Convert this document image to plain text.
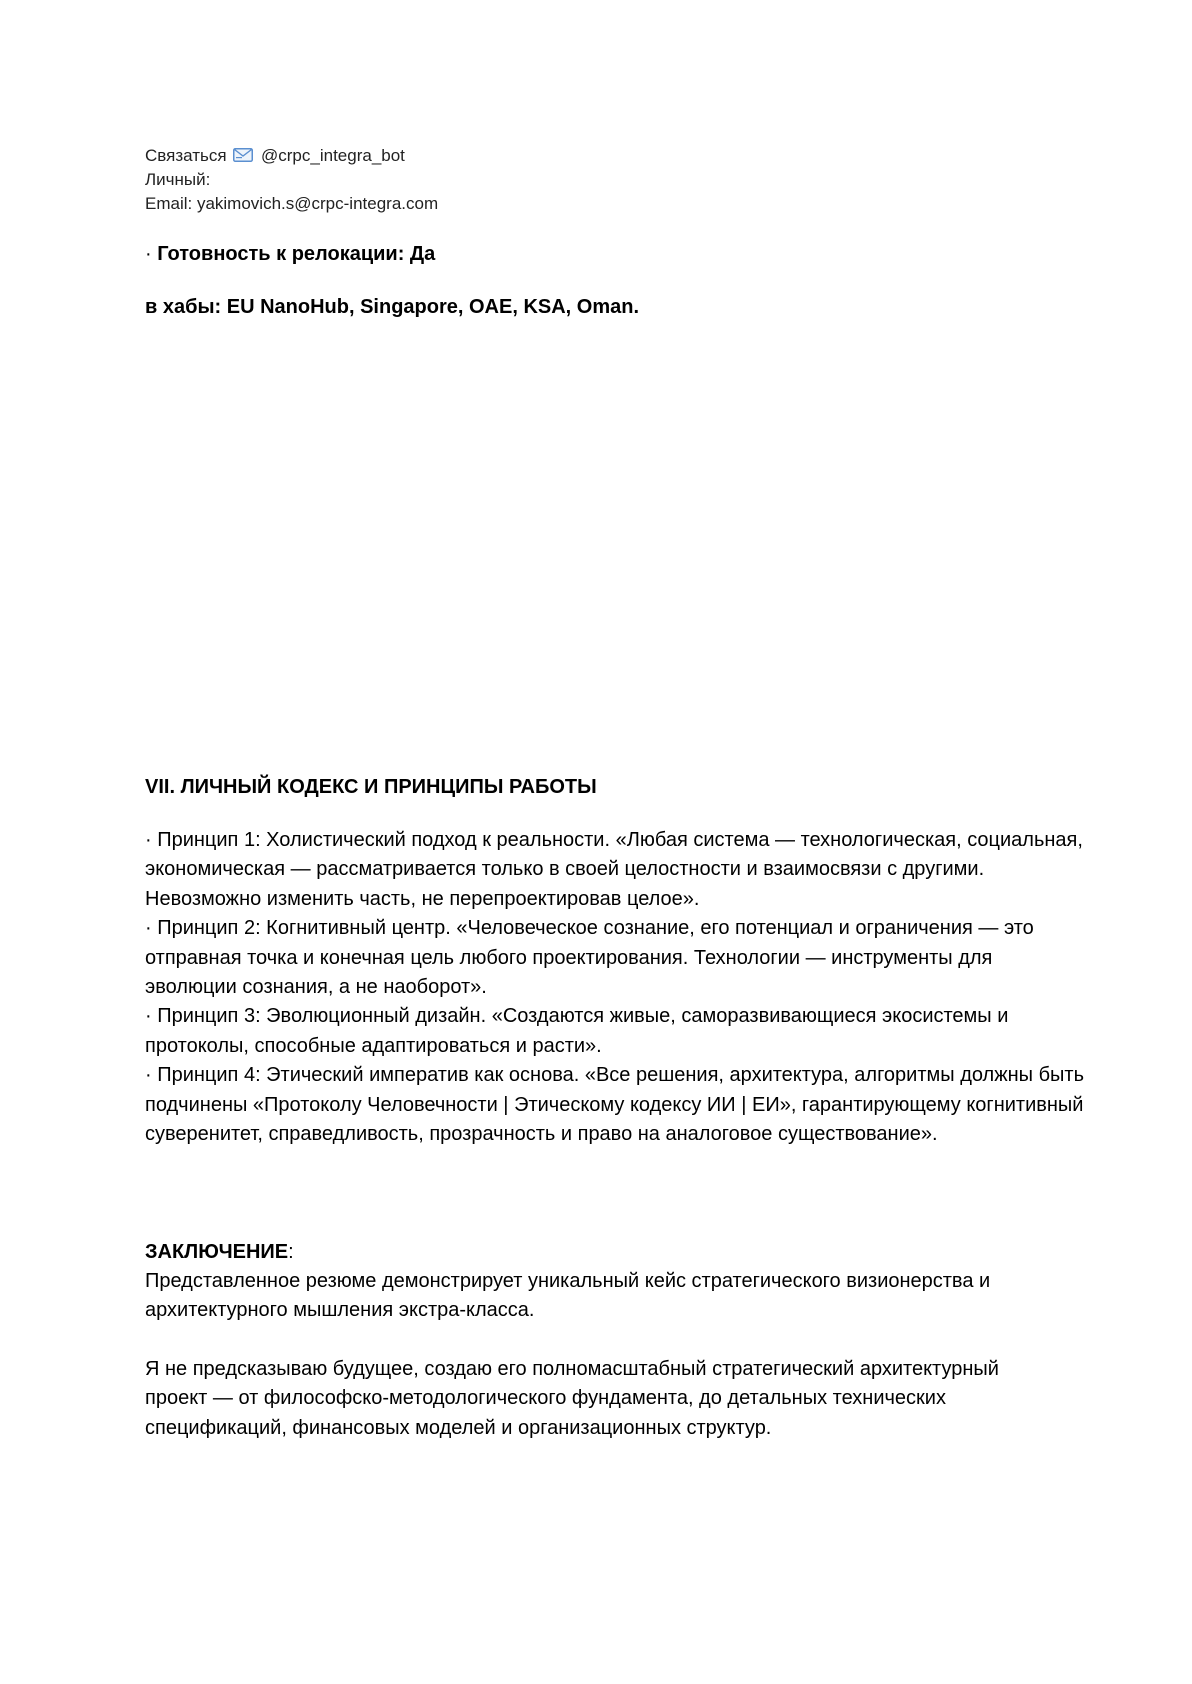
Связаться @crpc_integra_bot
Личный:
Email: yakimovich.s@crpc-integra.com
· Готовность к релокации: Да
в хабы: EU NanoHub, Singapore, OAE, KSA, Oman.
VII. ЛИЧНЫЙ КОДЕКС И ПРИНЦИПЫ РАБОТЫ

· Принцип 1: Холистический подход к реальности. «Любая система — технологическая, социальная, экономическая — рассматривается только в своей целостности и взаимосвязи с другими. Невозможно изменить часть, не перепроектировав целое».

· Принцип 2: Когнитивный центр. «Человеческое сознание, его потенциал и ограничения — это отправная точка и конечная цель любого проектирования. Технологии — инструменты для эволюции сознания, а не наоборот».

· Принцип 3: Эволюционный дизайн. «Создаются живые, саморазвивающиеся экосистемы и протоколы, способные адаптироваться и расти».

· Принцип 4: Этический императив как основа. «Все решения, архитектура, алгоритмы должны быть подчинены «Протоколу Человечности | Этическому кодексу ИИ | ЕИ», гарантирующему когнитивный суверенитет, справедливость, прозрачность и право на аналоговое существование».

ЗАКЛЮЧЕНИЕ:

Представленное резюме демонстрирует уникальный кейс стратегического визионерства и архитектурного мышления экстра-класса.

Я не предсказываю будущее, создаю его полномасштабный стратегический архитектурный проект — от философско-методологического фундамента, до детальных технических спецификаций, финансовых моделей и организационных структур.
